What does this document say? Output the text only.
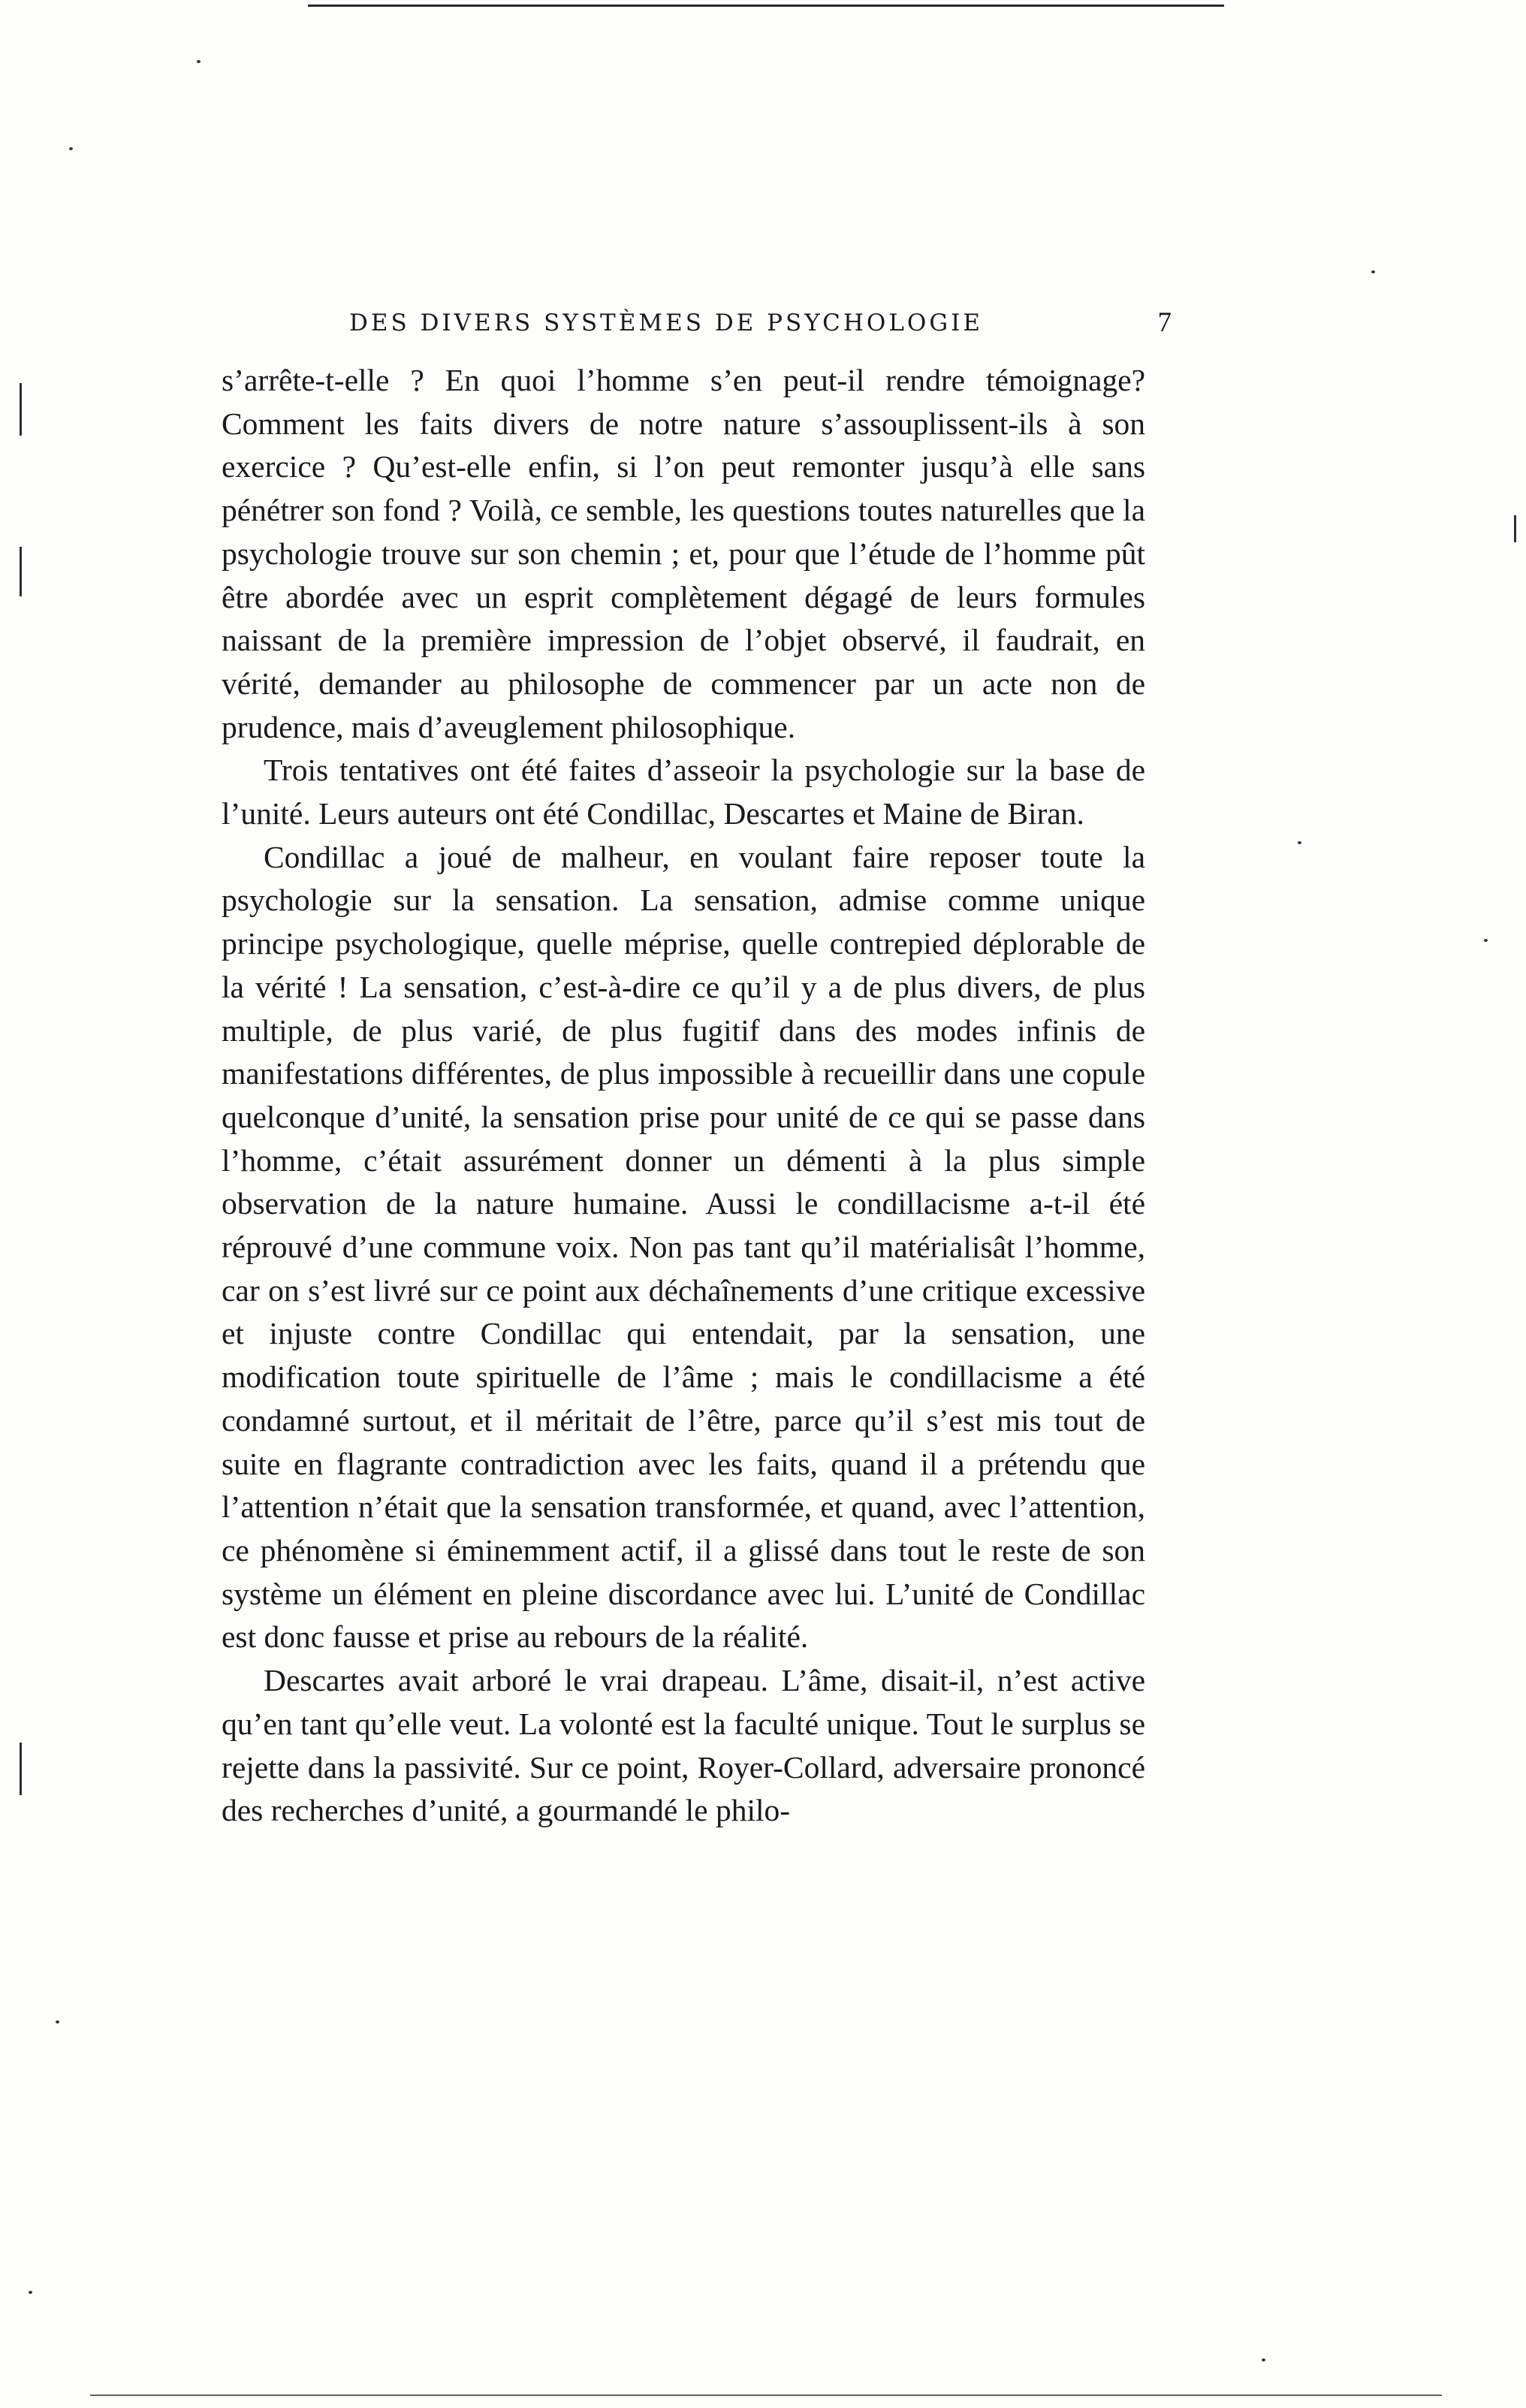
DES DIVERS SYSTÈMES DE PSYCHOLOGIE	7

s’arrête-t-elle ? En quoi l’homme s’en peut-il rendre témoignage? Comment les faits divers de notre nature s’assouplissent-ils à son exercice ? Qu’est-elle enfin, si l’on peut remonter jusqu’à elle sans pénétrer son fond ? Voilà, ce semble, les questions toutes naturelles que la psychologie trouve sur son chemin ; et, pour que l’étude de l’homme pût être abordée avec un esprit complètement dégagé de leurs formules naissant de la première impression de l’objet observé, il faudrait, en vérité, demander au philosophe de commencer par un acte non de prudence, mais d’aveuglement philosophique.

Trois tentatives ont été faites d’asseoir la psychologie sur la base de l’unité. Leurs auteurs ont été Condillac, Descartes et Maine de Biran.

Condillac a joué de malheur, en voulant faire reposer toute la psychologie sur la sensation. La sensation, admise comme unique principe psychologique, quelle méprise, quelle contrepied déplorable de la vérité ! La sensation, c’est-à-dire ce qu’il y a de plus divers, de plus multiple, de plus varié, de plus fugitif dans des modes infinis de manifestations différentes, de plus impossible à recueillir dans une copule quelconque d’unité, la sensation prise pour unité de ce qui se passe dans l’homme, c’était assurément donner un démenti à la plus simple observation de la nature humaine. Aussi le condillacisme a-t-il été réprouvé d’une commune voix. Non pas tant qu’il matérialisât l’homme, car on s’est livré sur ce point aux déchaînements d’une critique excessive et injuste contre Condillac qui entendait, par la sensation, une modification toute spirituelle de l’âme ; mais le condillacisme a été condamné surtout, et il méritait de l’être, parce qu’il s’est mis tout de suite en flagrante contradiction avec les faits, quand il a prétendu que l’attention n’était que la sensation transformée, et quand, avec l’attention, ce phénomène si éminemment actif, il a glissé dans tout le reste de son système un élément en pleine discordance avec lui. L’unité de Condillac est donc fausse et prise au rebours de la réalité.

Descartes avait arboré le vrai drapeau. L’âme, disait-il, n’est active qu’en tant qu’elle veut. La volonté est la faculté unique. Tout le surplus se rejette dans la passivité. Sur ce point, Royer-Collard, adversaire prononcé des recherches d’unité, a gourmandé le philo-
